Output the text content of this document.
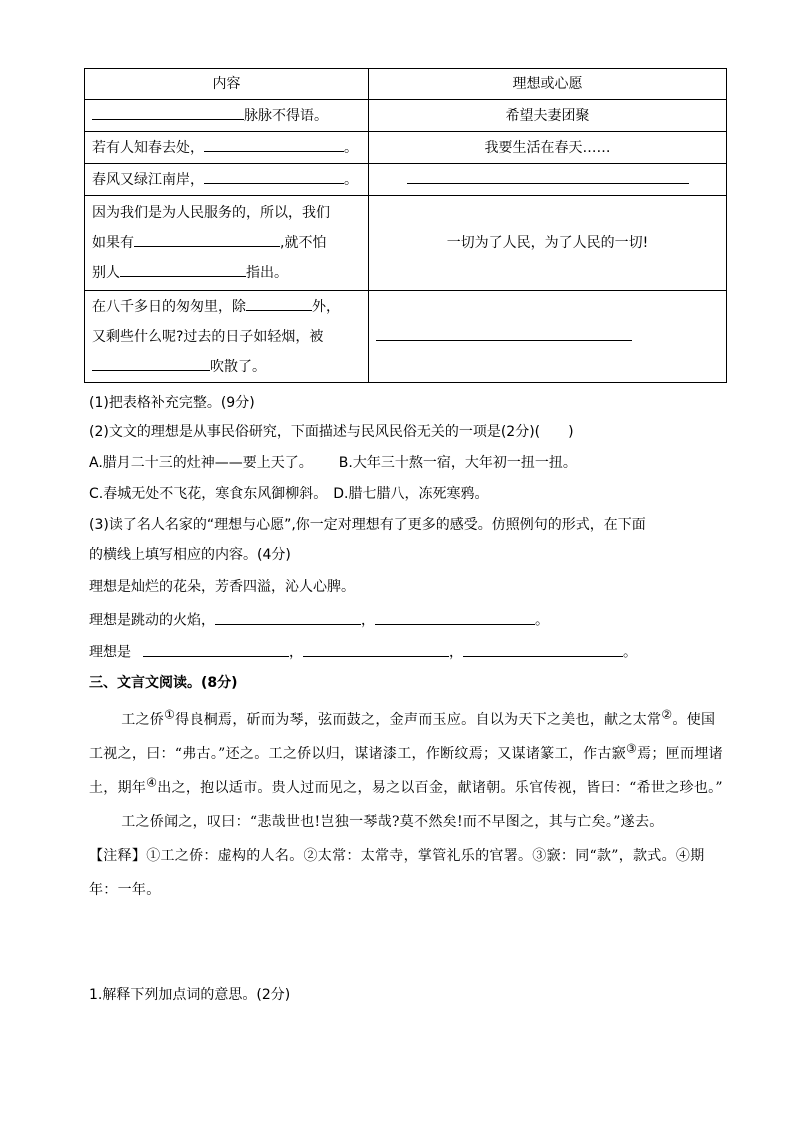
内容	理想或心愿
脉脉不得语。	希望夫妻团聚
若有人知春去处， 。	我要生活在春天……
春风又绿江南岸， 。	

因为我们是为人民服务的，所以，我们
如果有 ,就不怕
别人 指出。	一切为了人民，为了人民的一切!

在八千多日的匆匆里，除 外，
又剩些什么呢?过去的日子如轻烟，被
吹散了。	

(1)把表格补充完整。(9分)
(2)文文的理想是从事民俗研究，下面描述与民风民俗无关的一项是(2分)(　　)
A.腊月二十三的灶神——要上天了。 B.大年三十熬一宿，大年初一扭一扭。
C.春城无处不飞花，寒食东风御柳斜。 D.腊七腊八，冻死寒鸦。
(3)读了名人名家的“理想与心愿”,你一定对理想有了更多的感受。仿照例句的形式，在下面
的横线上填写相应的内容。(4分)
理想是灿烂的花朵，芳香四溢，沁人心脾。
理想是跳动的火焰，	，	。
理想是	，	，	。
三、文言文阅读。(8分)

工之侨①得良桐焉，斫而为琴，弦而鼓之，金声而玉应。自以为天下之美也，献之太常②。使国工视之，曰：“弗古。”还之。工之侨以归，谋诸漆工，作断纹焉；又谋诸篆工，作古窾③焉；匣而埋诸土，期年④出之，抱以适市。贵人过而见之，易之以百金，献诸朝。乐官传视，皆曰：“希世之珍也。”

工之侨闻之，叹曰：“悲哉世也!岂独一琴哉?莫不然矣!而不早图之，其与亡矣。”遂去。

【注释】①工之侨：虚构的人名。②太常：太常寺，掌管礼乐的官署。③窾：同“款”，款式。④期年：一年。

1.解释下列加点词的意思。(2分)
